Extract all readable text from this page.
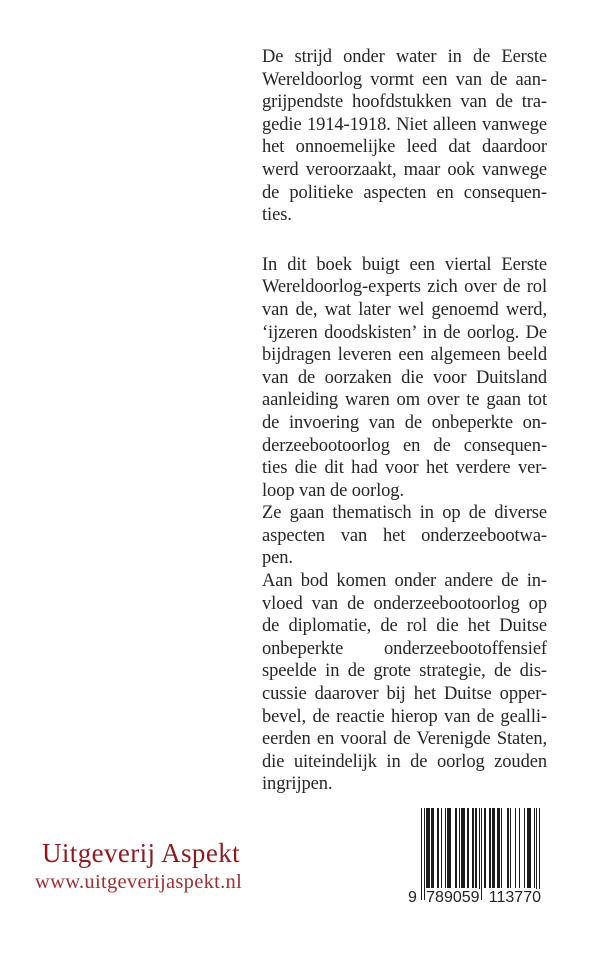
De strijd onder water in de Eerste
Wereldoorlog vormt een van de aan-
grijpendste hoofdstukken van de tra-
gedie 1914-1918. Niet alleen vanwege
het onnoemelijke leed dat daardoor
werd veroorzaakt, maar ook vanwege
de politieke aspecten en consequen-
ties.
In dit boek buigt een viertal Eerste
Wereldoorlog-experts zich over de rol
van de, wat later wel genoemd werd,
‘ijzeren doodskisten’ in de oorlog. De
bijdragen leveren een algemeen beeld
van de oorzaken die voor Duitsland
aanleiding waren om over te gaan tot
de invoering van de onbeperkte on-
derzeebootoorlog en de consequen-
ties die dit had voor het verdere ver-
loop van de oorlog.
Ze gaan thematisch in op de diverse
aspecten van het onderzeebootwa-
pen.
Aan bod komen onder andere de in-
vloed van de onderzeebootoorlog op
de diplomatie, de rol die het Duitse
onbeperkte onderzeebootoffensief
speelde in de grote strategie, de dis-
cussie daarover bij het Duitse opper-
bevel, de reactie hierop van de gealli-
eerden en vooral de Verenigde Staten,
die uiteindelijk in de oorlog zouden
ingrijpen.
Uitgeverij Aspekt
www.uitgeverijaspekt.nl
9 789059 113770
